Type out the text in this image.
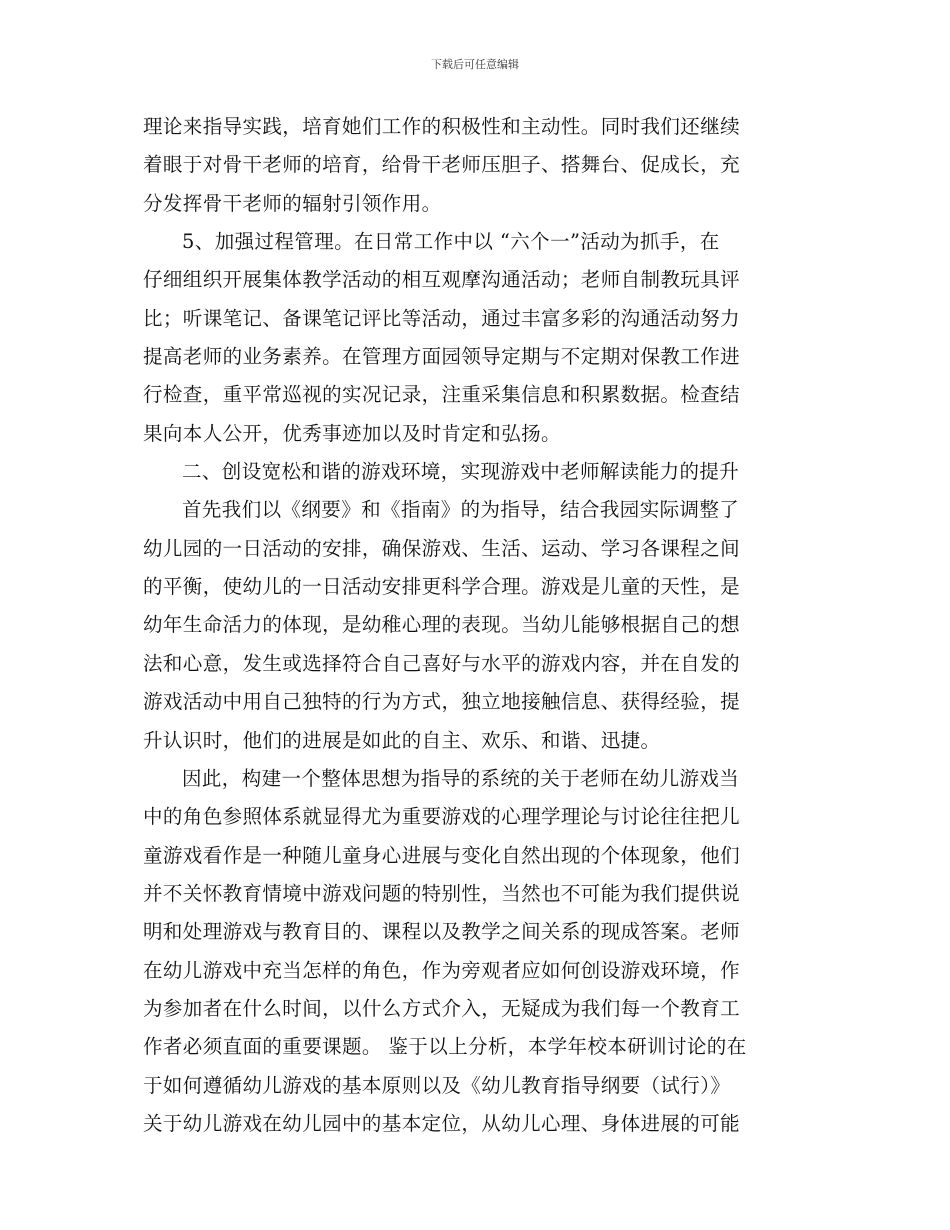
下载后可任意编辑

理论来指导实践，培育她们工作的积极性和主动性。同时我们还继续
着眼于对骨干老师的培育，给骨干老师压胆子、搭舞台、促成长，充
分发挥骨干老师的辐射引领作用。

5、加强过程管理。在日常工作中以 “六个一”活动为抓手，在
仔细组织开展集体教学活动的相互观摩沟通活动；老师自制教玩具评
比；听课笔记、备课笔记评比等活动，通过丰富多彩的沟通活动努力
提高老师的业务素养。在管理方面园领导定期与不定期对保教工作进
行检查，重平常巡视的实况记录，注重采集信息和积累数据。检查结
果向本人公开，优秀事迹加以及时肯定和弘扬。

二、创设宽松和谐的游戏环境，实现游戏中老师解读能力的提升

首先我们以《纲要》和《指南》的为指导，结合我园实际调整了
幼儿园的一日活动的安排，确保游戏、生活、运动、学习各课程之间
的平衡，使幼儿的一日活动安排更科学合理。游戏是儿童的天性，是
幼年生命活力的体现，是幼稚心理的表现。当幼儿能够根据自己的想
法和心意，发生或选择符合自己喜好与水平的游戏内容，并在自发的
游戏活动中用自己独特的行为方式，独立地接触信息、获得经验，提
升认识时，他们的进展是如此的自主、欢乐、和谐、迅捷。

因此，构建一个整体思想为指导的系统的关于老师在幼儿游戏当
中的角色参照体系就显得尤为重要游戏的心理学理论与讨论往往把儿
童游戏看作是一种随儿童身心进展与变化自然出现的个体现象，他们
并不关怀教育情境中游戏问题的特别性，当然也不可能为我们提供说
明和处理游戏与教育目的、课程以及教学之间关系的现成答案。老师
在幼儿游戏中充当怎样的角色，作为旁观者应如何创设游戏环境，作
为参加者在什么时间，以什么方式介入，无疑成为我们每一个教育工
作者必须直面的重要课题。 鉴于以上分析，本学年校本研训讨论的在
于如何遵循幼儿游戏的基本原则以及《幼儿教育指导纲要（试行）》
关于幼儿游戏在幼儿园中的基本定位，从幼儿心理、身体进展的可能
